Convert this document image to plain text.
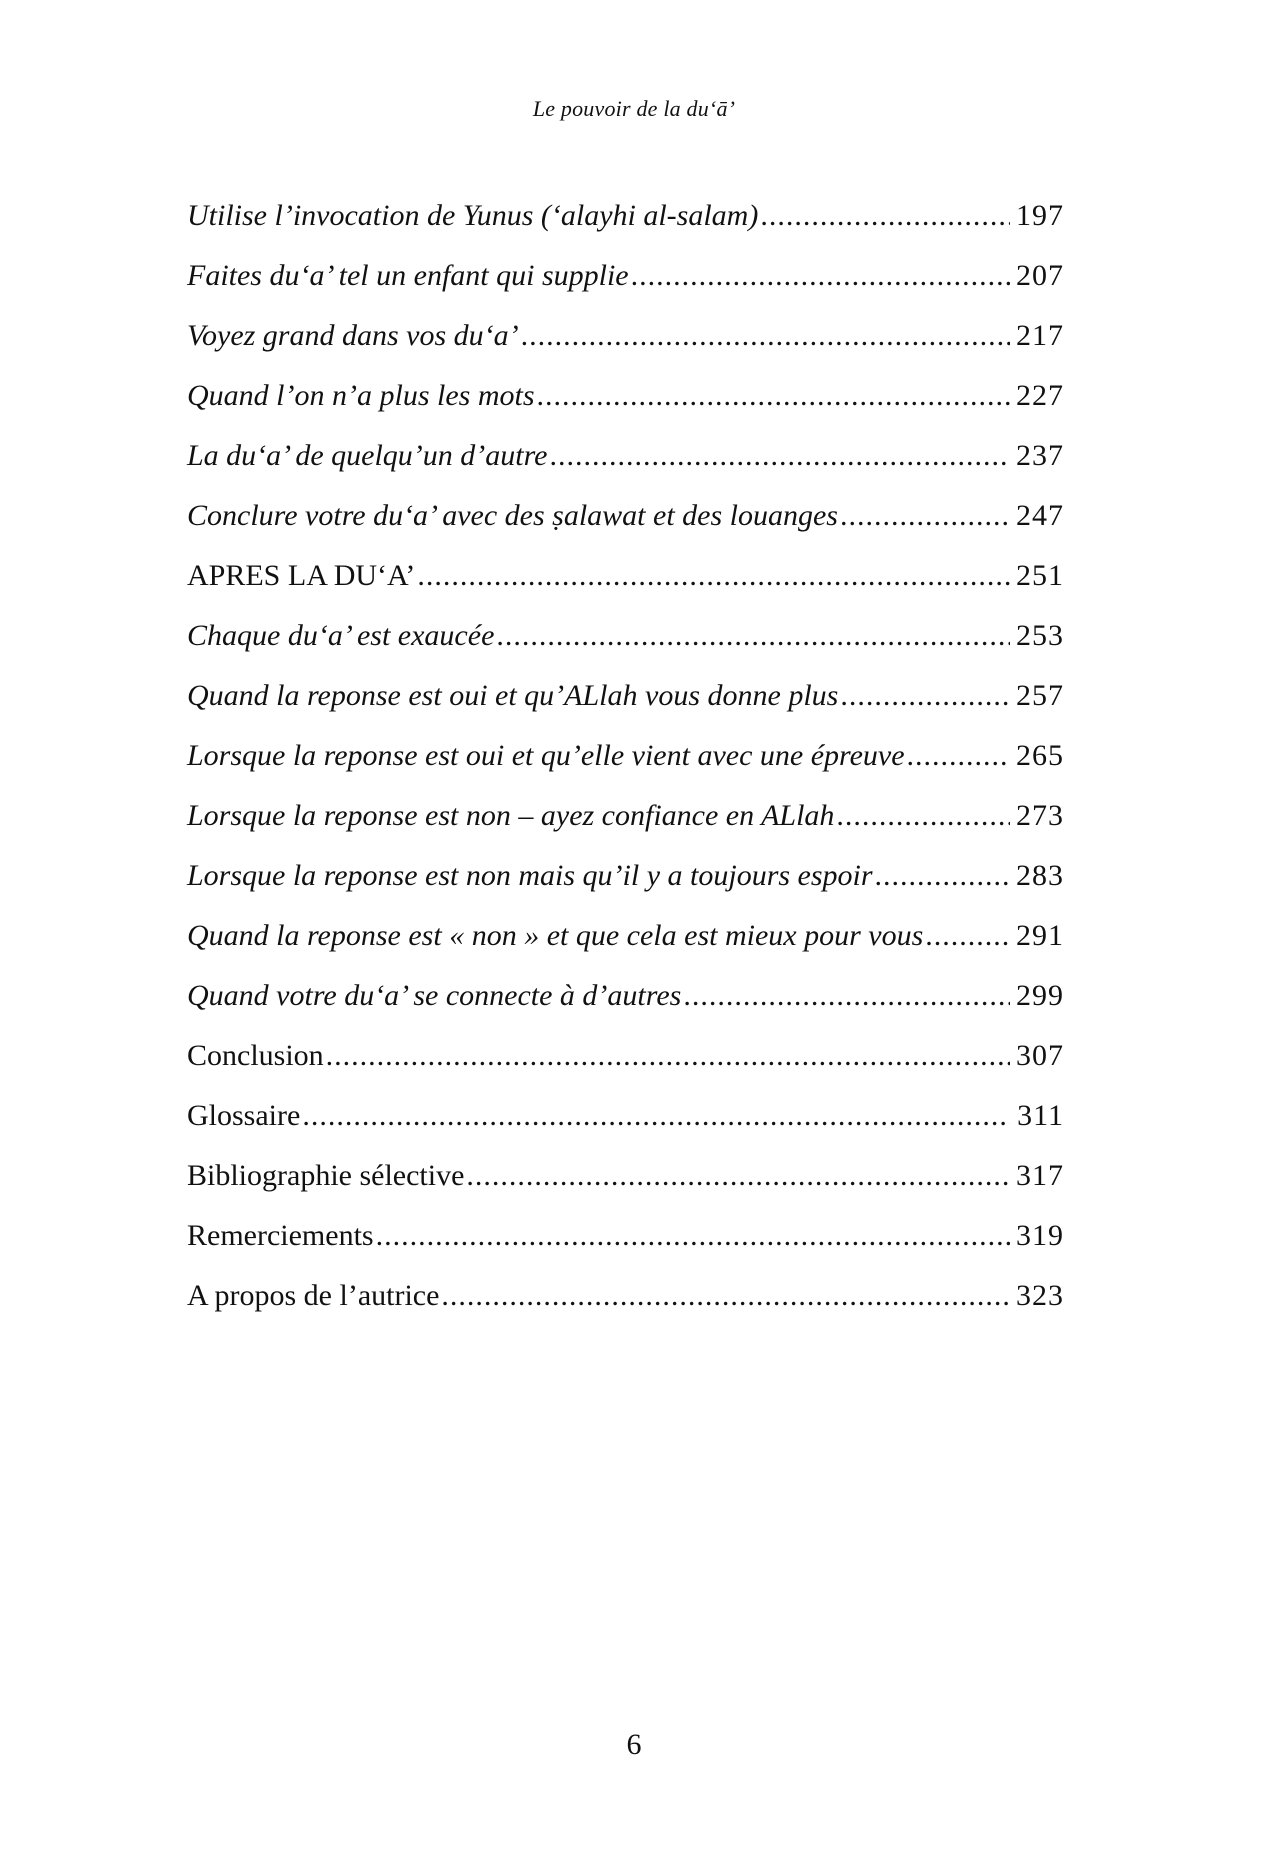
Le pouvoir de la du‘ā’
Utilise l’invocation de Yunus (‘alayhi al-salam) .....	197
Faites du‘a’ tel un enfant qui supplie .....	207
Voyez grand dans vos du‘a’ .....	217
Quand l’on n’a plus les mots .....	227
La du‘a’ de quelqu’un d’autre .....	237
Conclure votre du‘a’ avec des ṣalawat et des louanges .....	247
APRES LA DU‘A’ .....	251
Chaque du‘a’ est exaucée .....	253
Quand la reponse est oui et qu’ALlah vous donne plus .....	257
Lorsque la reponse est oui et qu’elle vient avec une épreuve .....	265
Lorsque la reponse est non – ayez confiance en ALlah .....	273
Lorsque la reponse est non mais qu’il y a toujours espoir .....	283
Quand la reponse est « non » et que cela est mieux pour vous .....	291
Quand votre du‘a’ se connecte à d’autres .....	299
Conclusion .....	307
Glossaire .....	311
Bibliographie sélective .....	317
Remerciements .....	319
A propos de l’autrice .....	323
6
